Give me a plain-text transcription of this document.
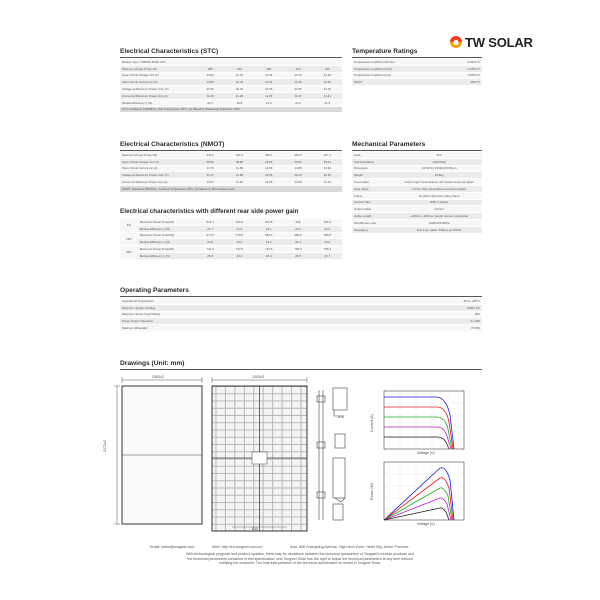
TW SOLAR
Electrical Characteristics (STC)
Module Type: TWMPF-48HD XXX					
Maximum Power Pmax (W)	385	390	395	400	405
Open Circuit Voltage Voc (V)	41.84	41.24	41.44	41.64	41.84
Short Circuit Current Isc (A)	10.80	10.34	10.41	10.46	10.52
Voltage at Maximum Power Vmp (V)	33.95	34.15	34.35	34.55	34.75
Current at Maximum Power Imp (A)	11.03	11.28	11.35	11.37	11.41
Module Efficiency η (%)	20.7	20.8	21.0	21.2	21.4
STC: Irradiance 1000W/m², Cell Temperature 25°C, Air Mass1.5, Measuring Tolerance: ±3%					
Temperature Ratings
Temperature Coefficient (Pmax)	-0.34%/°C
Temperature Coefficient (Voc)	-0.25%/°C
Temperature Coefficient (Isc)	0.05%/°C
NMOT	45±2°C
Electrical Characteristics (NMOT)
Maximum Power Pmax (W)	442.6	446.4	450.2	454.8	457.1
Open Circuit Voltage Voc (V)	38.66	38.86	39.03	39.22	39.41
Short Circuit Current Isc (A)	14.76	14.80	14.84	14.88	14.93
Voltage at Maximum Power Vmp (V)	31.47	31.86	32.05	32.23	32.40
Current at Maximum Power Imp (A)	13.97	13.81	14.05	14.09	14.15
NMOT: Irradiance 800W/m², Ambient Temperature 20°C, Air Mass1.5, Wind Speed 1m/s					
Electrical characteristics with different rear side power gain
5%	Maximum Power Pmax(W)	614.3	619.5	624.8	630	635.3
	Module Efficiency η (%)	21.7	21.9	22.1	22.3	22.4
15%	Maximum Power Pmax(W)	672.8	678.5	684.3	690.0	695.8
	Module Efficiency η (%)	23.8	24.0	24.2	24.4	24.6
25%	Maximum Power Pmax(W)	731.3	737.5	743.8	750.0	756.3
	Module Efficiency η (%)	25.8	26.1	26.3	26.5	26.7
Mechanical Parameters
Cells	TFC
Cell Orientation	120(6X20)
Dimension	2172(±1)×1303(±2)X35mm
Weight	34.8kg
Front Glass	2.0mm high transmittance, AR coated tempered glass
Rear Glass	2.0mm high transmittance tempered glass
Frame	Anodized aluminium alloy frame
Junction Box	IP68, 3 diodes
Output Cable	4.0mm²
Cable Length	+400mm, -200mm, length can be customized
Wind/Snow Load	2400Pa/5400Pa
Packaging	31pcs per pallet, 558pcs per 40'HC
Operating Parameters
Operational Temperature	-40°C~+85°C
Maximum System Voltage	1500V DC
Maximum Series Fuse Rating	35A
Power Output Tolerance	0~+5W
Maximum Bifaciality	70±5%
Drawings (Unit: mm)
1303±2	1303±2
2172±2
A-A
B-B
Current (A)
Voltage (V)
Power (W)
Voltage (V)
Email: sales@tongwei.com	Web: http://en.tongwei.com.cn/	Add: 888 Changning Avenue, High-tech Zone, Hefei City, Anhui Province
With technological progress and product updates, there may be deviations between the technical parameters of Tongwei's module products and
the technical parameters contained in this specification, and Tongwei Solar has the right to adjust the technical parameters at any time without
notifying the customer. The final interpretation of the technical specification is vested in Tongwei Solar.
